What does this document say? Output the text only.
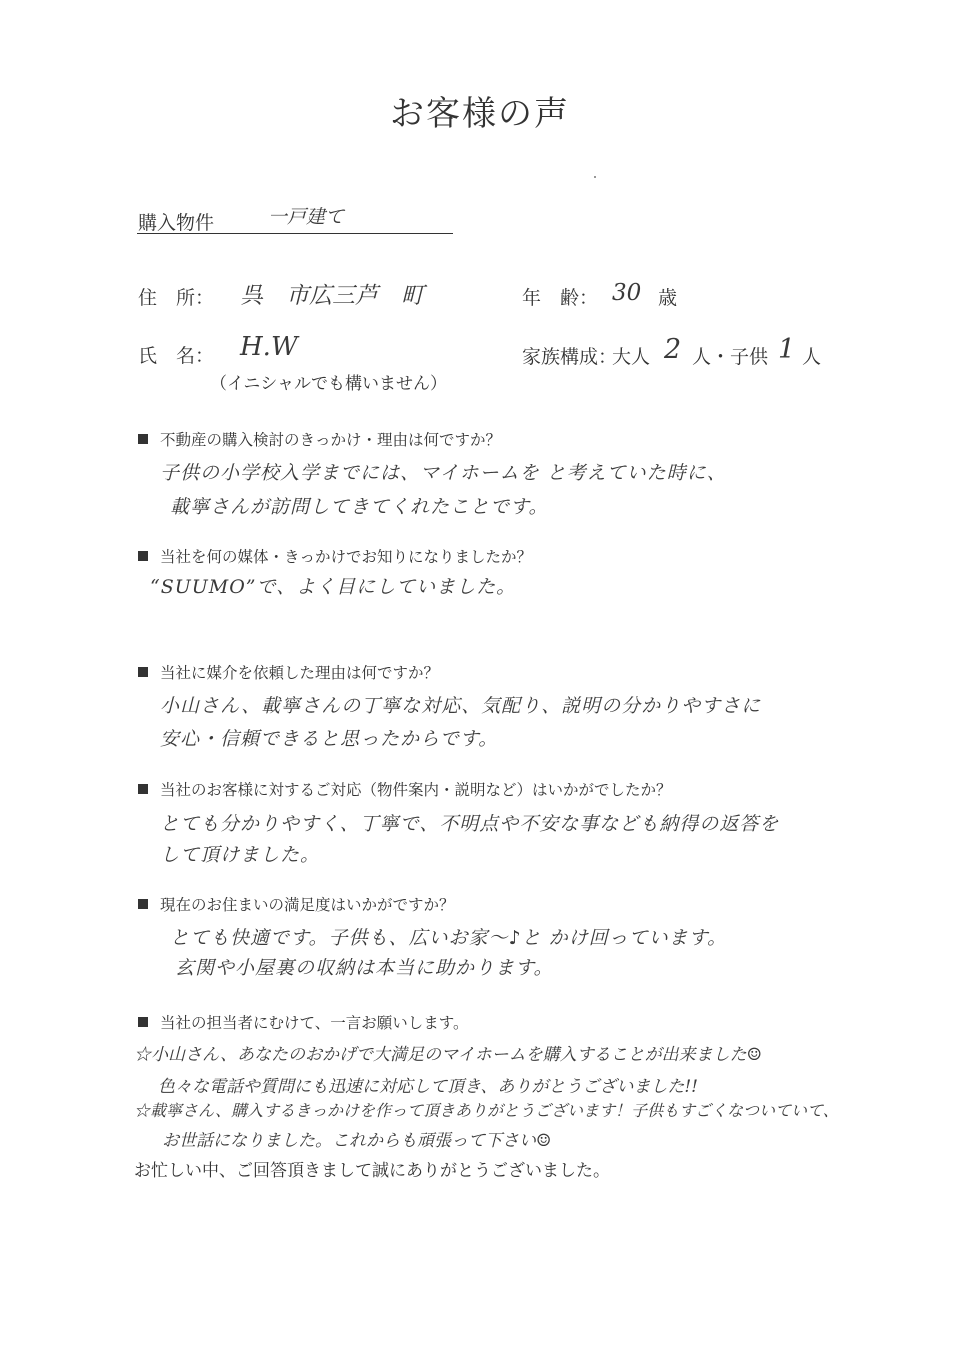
お客様の声
購入物件	一戸建て
住　所： 呉　市広三芦　町	年　齢： 30 歳
氏　名： H.W
（イニシャルでも構いません）
家族構成：
大人 2 人・子供 1 人
不動産の購入検討のきっかけ・理由は何ですか？
子供の小学校入学までには、マイホームを と考えていた時に、
載寧さんが訪問してきてくれたことです。
当社を何の媒体・きっかけでお知りになりましたか？
“SUUMO”で、よく目にしていました。
当社に媒介を依頼した理由は何ですか？
小山さん、載寧さんの丁寧な対応、気配り、説明の分かりやすさに
安心・信頼できると思ったからです。
当社のお客様に対するご対応（物件案内・説明など）はいかがでしたか？
とても分かりやすく、丁寧で、不明点や不安な事なども納得の返答を
して頂けました。
現在のお住まいの満足度はいかがですか？
とても快適です。子供も、広いお家～♪と かけ回っています。
玄関や小屋裏の収納は本当に助かります。
当社の担当者にむけて、一言お願いします。
☆小山さん、あなたのおかげで大満足のマイホームを購入することが出来ました☺
色々な電話や質問にも迅速に対応して頂き、ありがとうございました!!
☆載寧さん、購入するきっかけを作って頂きありがとうございます！子供もすごくなついていて、
お世話になりました。これからも頑張って下さい☺
お忙しい中、ご回答頂きまして誠にありがとうございました。
